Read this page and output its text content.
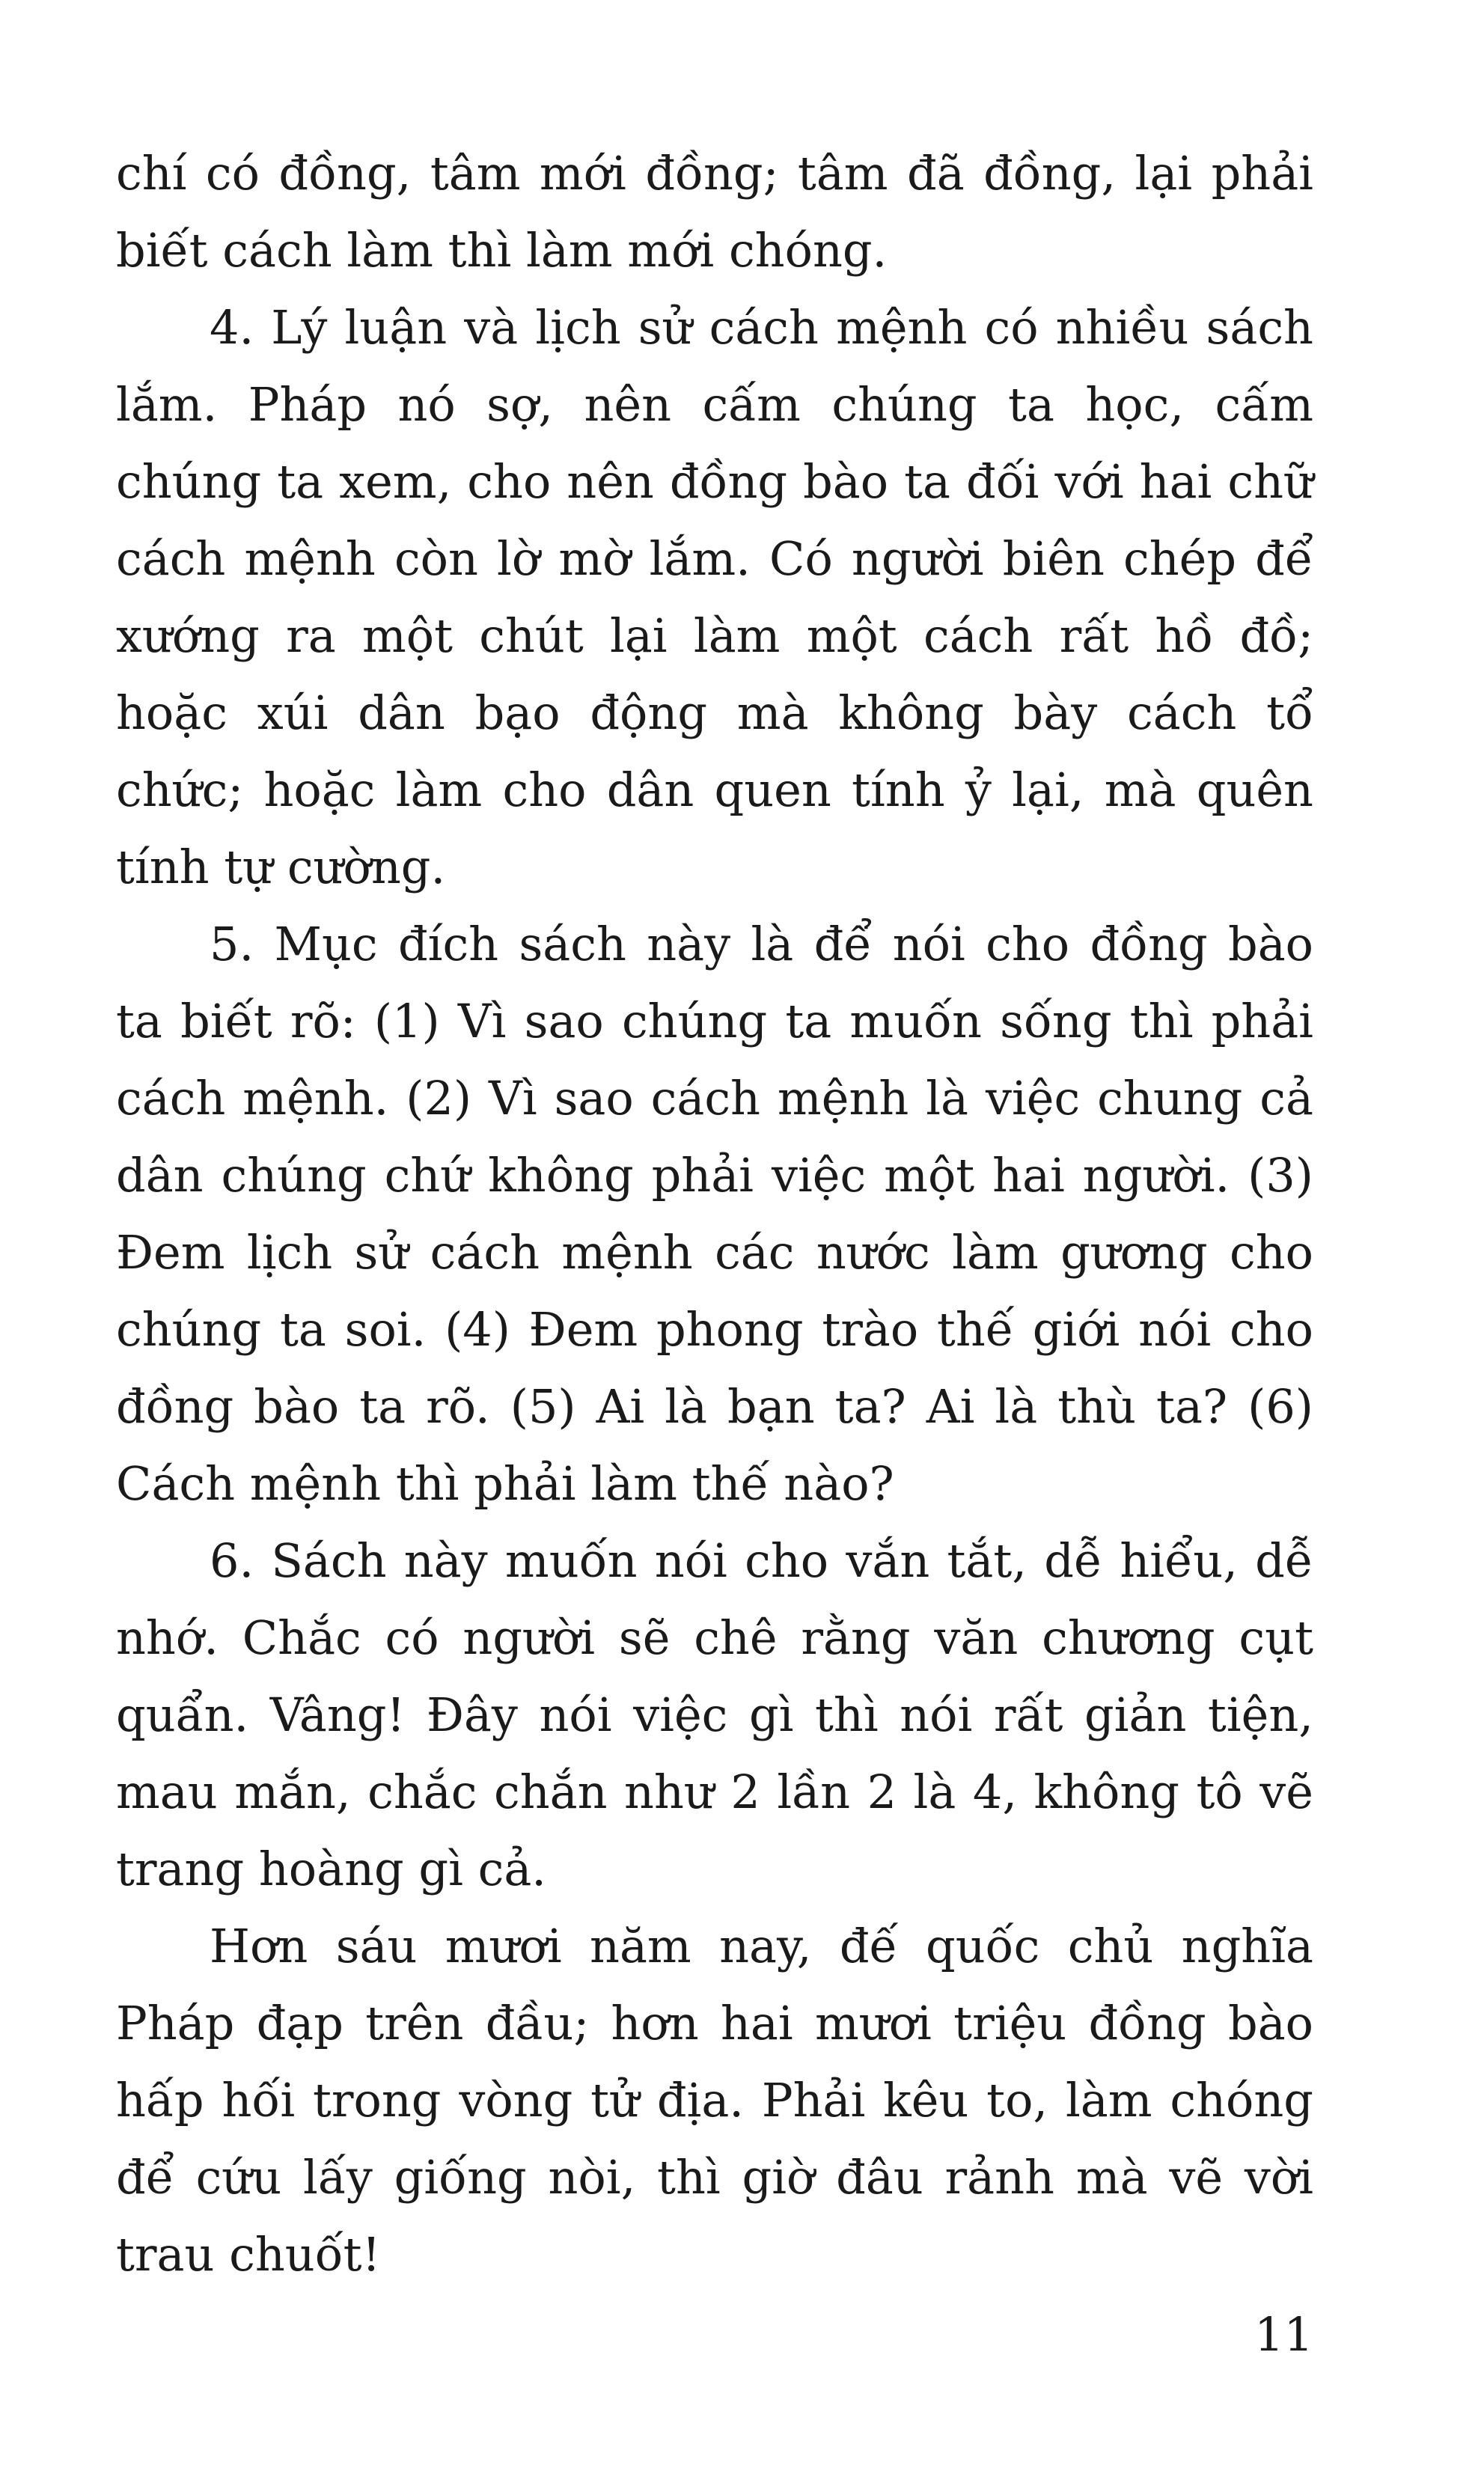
chí có đồng, tâm mới đồng; tâm đã đồng, lại phải biết cách làm thì làm mới chóng.

4. Lý luận và lịch sử cách mệnh có nhiều sách lắm. Pháp nó sợ, nên cấm chúng ta học, cấm chúng ta xem, cho nên đồng bào ta đối với hai chữ cách mệnh còn lờ mờ lắm. Có người biên chép để xướng ra một chút lại làm một cách rất hồ đồ; hoặc xúi dân bạo động mà không bày cách tổ chức; hoặc làm cho dân quen tính ỷ lại, mà quên tính tự cường.

5. Mục đích sách này là để nói cho đồng bào ta biết rõ: (1) Vì sao chúng ta muốn sống thì phải cách mệnh. (2) Vì sao cách mệnh là việc chung cả dân chúng chứ không phải việc một hai người. (3) Đem lịch sử cách mệnh các nước làm gương cho chúng ta soi. (4) Đem phong trào thế giới nói cho đồng bào ta rõ. (5) Ai là bạn ta? Ai là thù ta? (6) Cách mệnh thì phải làm thế nào?

6. Sách này muốn nói cho vắn tắt, dễ hiểu, dễ nhớ. Chắc có người sẽ chê rằng văn chương cụt quẩn. Vâng! Đây nói việc gì thì nói rất giản tiện, mau mắn, chắc chắn như 2 lần 2 là 4, không tô vẽ trang hoàng gì cả.

Hơn sáu mươi năm nay, đế quốc chủ nghĩa Pháp đạp trên đầu; hơn hai mươi triệu đồng bào hấp hối trong vòng tử địa. Phải kêu to, làm chóng để cứu lấy giống nòi, thì giờ đâu rảnh mà vẽ vời trau chuốt!

11
